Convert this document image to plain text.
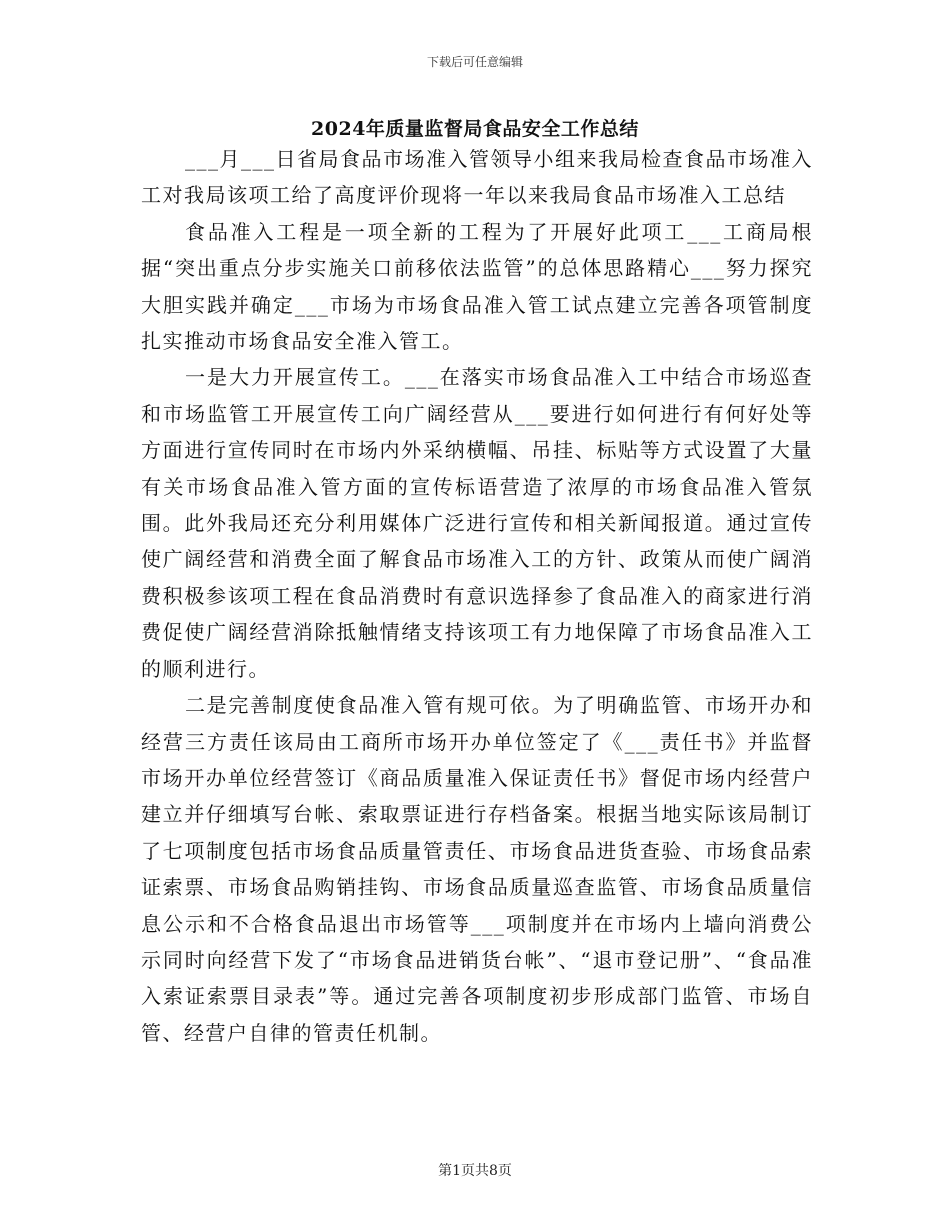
下载后可任意编辑
2024年质量监督局食品安全工作总结

___月___日省局食品市场准入管领导小组来我局检查食品市场准入工对我局该项工给了高度评价现将一年以来我局食品市场准入工总结

食品准入工程是一项全新的工程为了开展好此项工___工商局根据“突出重点分步实施关口前移依法监管”的总体思路精心___努力探究大胆实践并确定___市场为市场食品准入管工试点建立完善各项管制度扎实推动市场食品安全准入管工。

一是大力开展宣传工。___在落实市场食品准入工中结合市场巡查和市场监管工开展宣传工向广阔经营从___要进行如何进行有何好处等方面进行宣传同时在市场内外采纳横幅、吊挂、标贴等方式设置了大量有关市场食品准入管方面的宣传标语营造了浓厚的市场食品准入管氛围。此外我局还充分利用媒体广泛进行宣传和相关新闻报道。通过宣传使广阔经营和消费全面了解食品市场准入工的方针、政策从而使广阔消费积极参该项工程在食品消费时有意识选择参了食品准入的商家进行消费促使广阔经营消除抵触情绪支持该项工有力地保障了市场食品准入工的顺利进行。

二是完善制度使食品准入管有规可依。为了明确监管、市场开办和经营三方责任该局由工商所市场开办单位签定了《___责任书》并监督市场开办单位经营签订《商品质量准入保证责任书》督促市场内经营户建立并仔细填写台帐、索取票证进行存档备案。根据当地实际该局制订了七项制度包括市场食品质量管责任、市场食品进货查验、市场食品索证索票、市场食品购销挂钩、市场食品质量巡查监管、市场食品质量信息公示和不合格食品退出市场管等___项制度并在市场内上墙向消费公示同时向经营下发了“市场食品进销货台帐”、“退市登记册”、“食品准入索证索票目录表”等。通过完善各项制度初步形成部门监管、市场自管、经营户自律的管责任机制。

第1页共8页
